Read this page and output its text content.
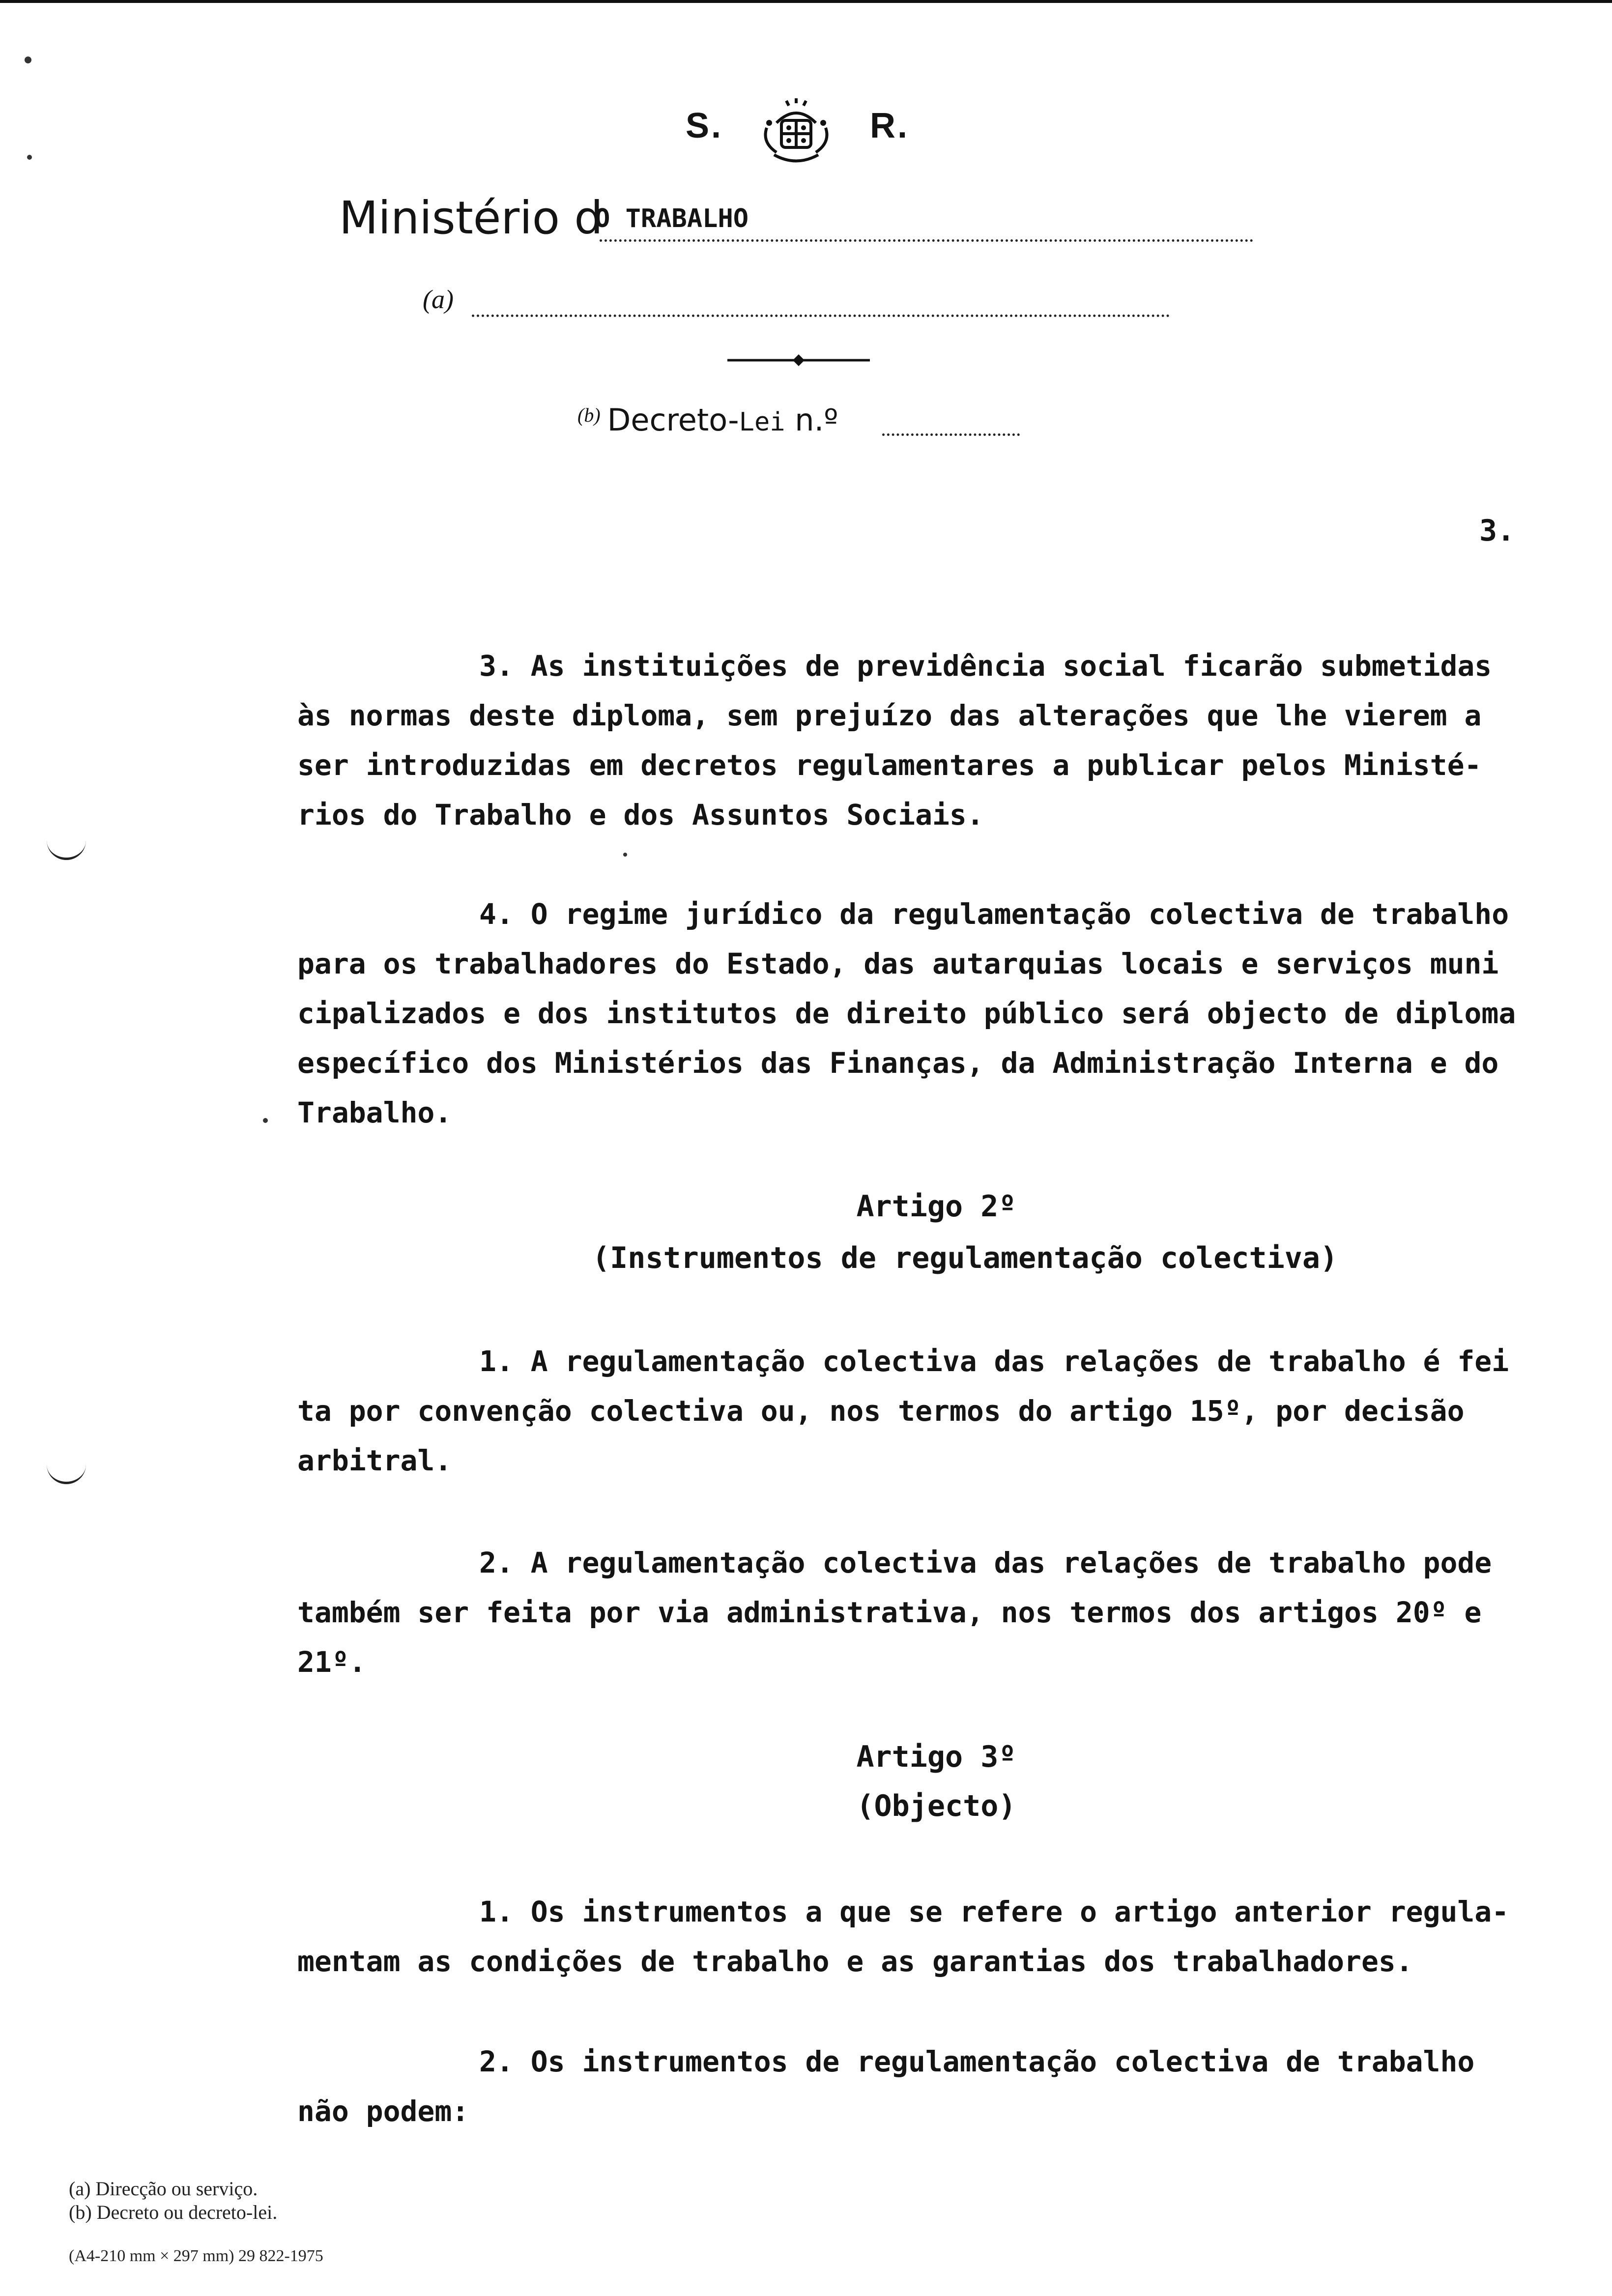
S.	R.
Ministério d
O TRABALHO
(a)
$^{(b)}$ Decreto-Lei n.º
3.
3. As instituições de previdência social ficarão submetidas
às normas deste diploma, sem prejuízo das alterações que lhe vierem a
ser introduzidas em decretos regulamentares a publicar pelos Ministé-
rios do Trabalho e dos Assuntos Sociais.
4. O regime jurídico da regulamentação colectiva de trabalho
para os trabalhadores do Estado, das autarquias locais e serviços muni
cipalizados e dos institutos de direito público será objecto de diploma
específico dos Ministérios das Finanças, da Administração Interna e do
Trabalho.
Artigo 2º
(Instrumentos de regulamentação colectiva)
1. A regulamentação colectiva das relações de trabalho é fei
ta por convenção colectiva ou, nos termos do artigo 15º, por decisão
arbitral.
2. A regulamentação colectiva das relações de trabalho pode
também ser feita por via administrativa, nos termos dos artigos 20º e
21º.
Artigo 3º
(Objecto)
1. Os instrumentos a que se refere o artigo anterior regula-
mentam as condições de trabalho e as garantias dos trabalhadores.
2. Os instrumentos de regulamentação colectiva de trabalho
não podem:
(a) Direcção ou serviço.
(b) Decreto ou decreto-lei.
(A4-210 mm × 297 mm) 29 822-1975
